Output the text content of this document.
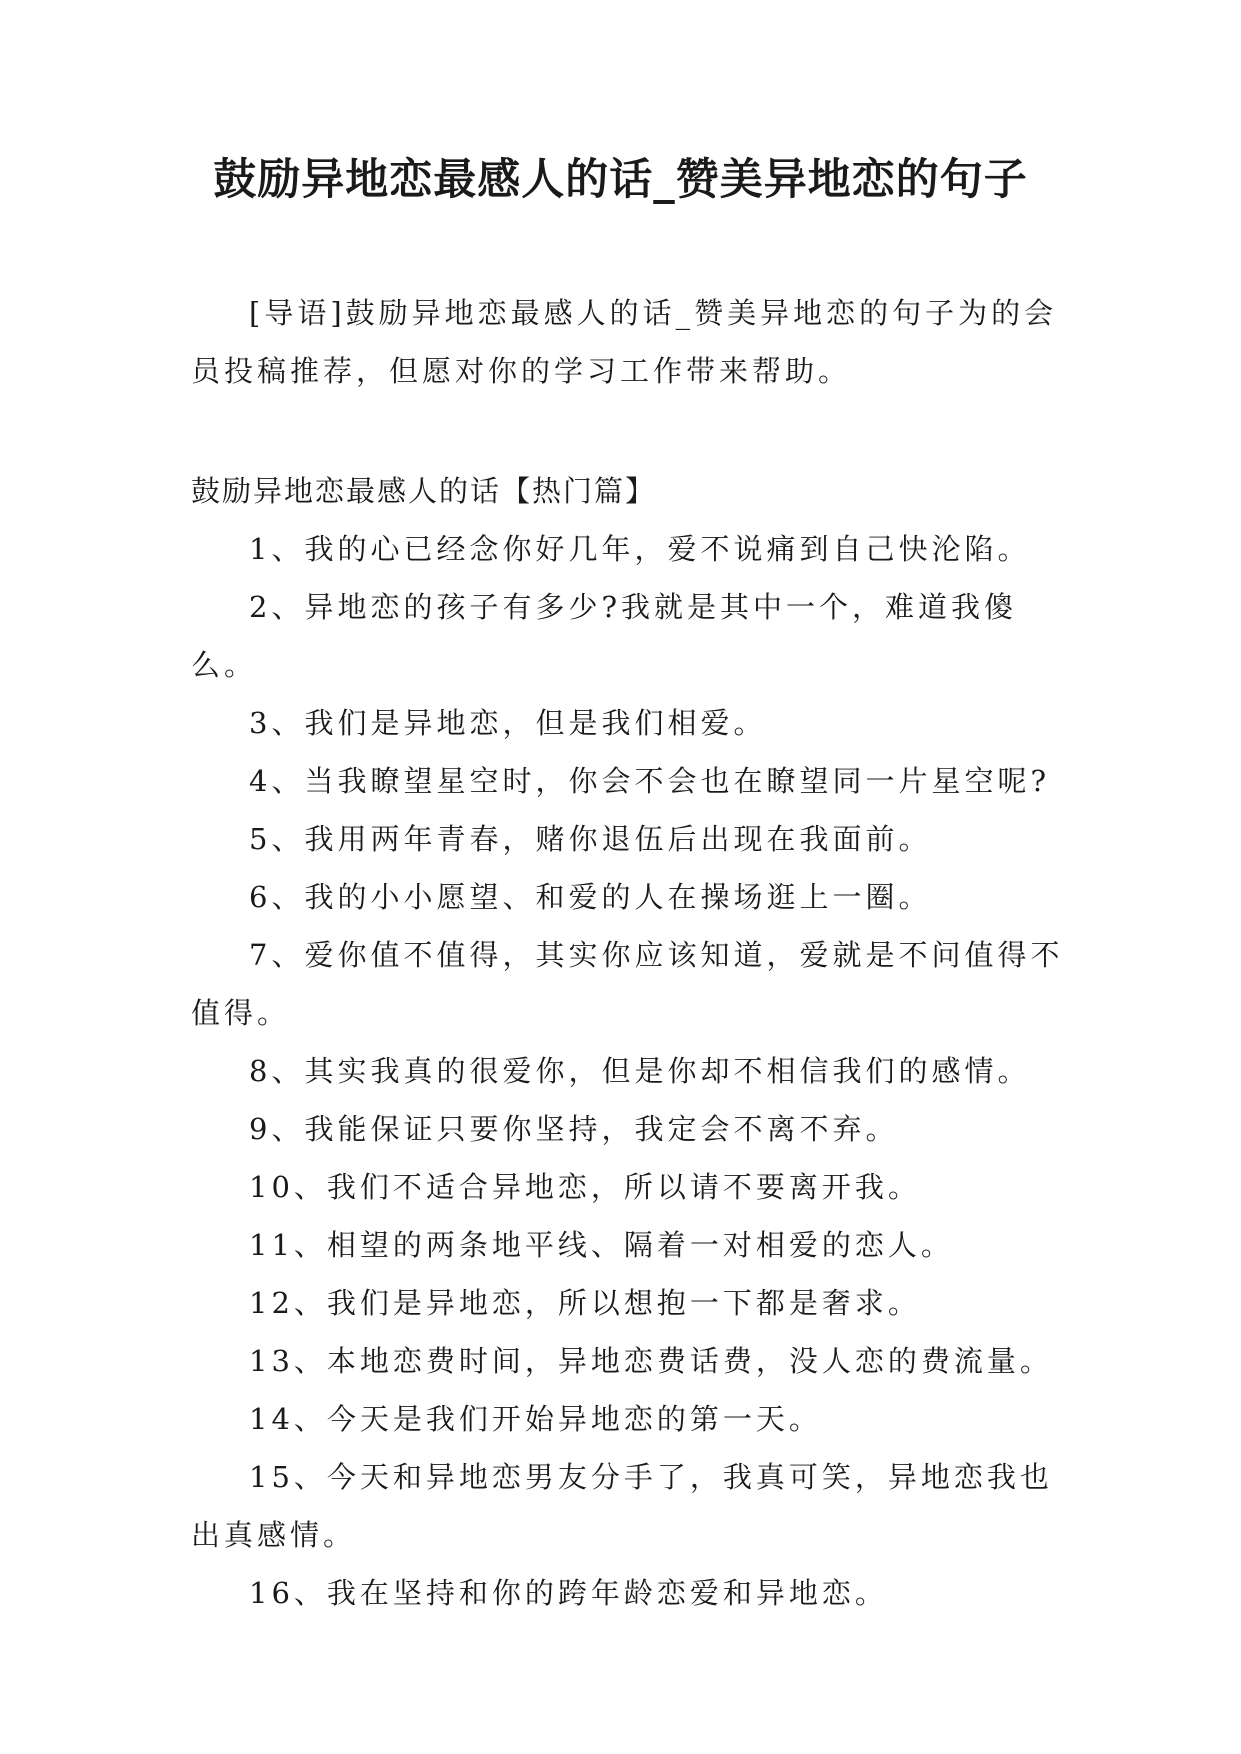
鼓励异地恋最感人的话_赞美异地恋的句子

[导语]鼓励异地恋最感人的话_赞美异地恋的句子为的会员投稿推荐，但愿对你的学习工作带来帮助。

鼓励异地恋最感人的话【热门篇】

1、我的心已经念你好几年，爱不说痛到自己快沦陷。
2、异地恋的孩子有多少?我就是其中一个，难道我傻么。
3、我们是异地恋，但是我们相爱。
4、当我瞭望星空时，你会不会也在瞭望同一片星空呢?
5、我用两年青春，赌你退伍后出现在我面前。
6、我的小小愿望、和爱的人在操场逛上一圈。
7、爱你值不值得，其实你应该知道，爱就是不问值得不值得。
8、其实我真的很爱你，但是你却不相信我们的感情。
9、我能保证只要你坚持，我定会不离不弃。
10、我们不适合异地恋，所以请不要离开我。
11、相望的两条地平线、隔着一对相爱的恋人。
12、我们是异地恋，所以想抱一下都是奢求。
13、本地恋费时间，异地恋费话费，没人恋的费流量。
14、今天是我们开始异地恋的第一天。
15、今天和异地恋男友分手了，我真可笑，异地恋我也出真感情。
16、我在坚持和你的跨年龄恋爱和异地恋。
